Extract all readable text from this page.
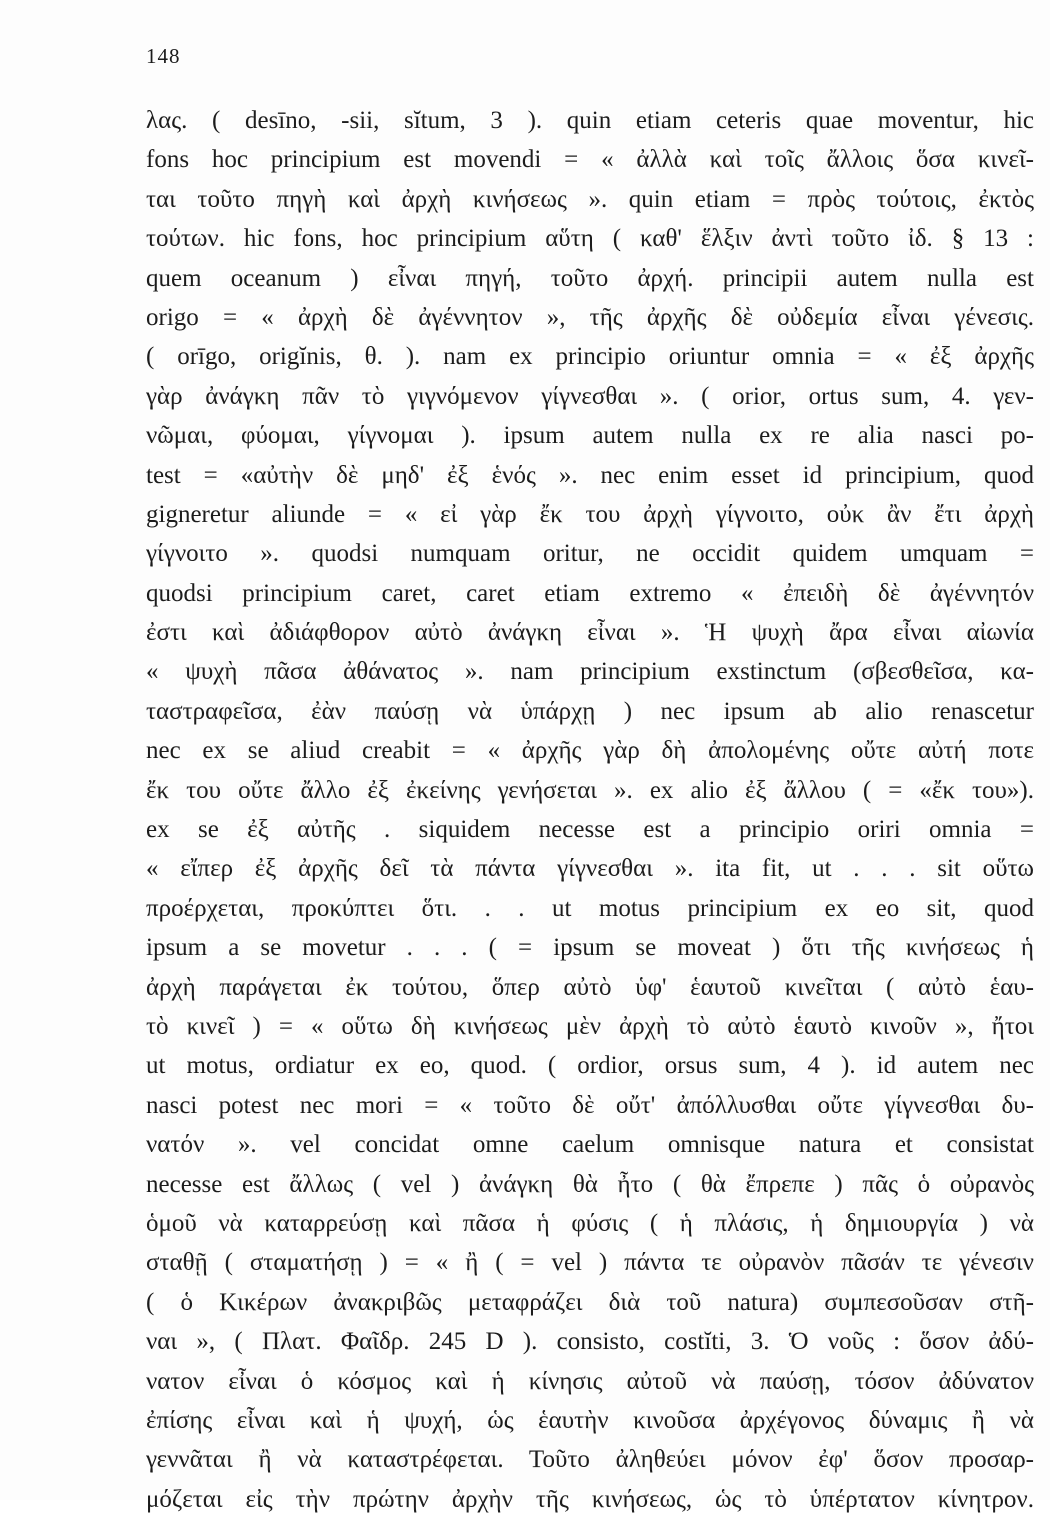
148
λας. ( desīno, -sii, sĭtum, 3 ). quin etiam ceteris quae moventur, hic
fons hoc principium est movendi = « ἀλλὰ καὶ τοῖς ἄλλοις ὅσα κινεῖ-
ται τοῦτο πηγὴ καὶ ἀρχὴ κινήσεως ». quin etiam = πρὸς τούτοις, ἐκτὸς
τούτων. hic fons, hoc principium αὕτη ( καθ' ἕλξιν ἀντὶ τοῦτο ἰδ. § 13 :
quem oceanum ) εἶναι πηγή, τοῦτο ἀρχή. principii autem nulla est
origo = « ἀρχὴ δὲ ἀγέννητον », τῆς ἀρχῆς δὲ οὐδεμία εἶναι γένεσις.
( orīgo, origĭnis, θ. ). nam ex principio oriuntur omnia = « ἐξ ἀρχῆς
γὰρ ἀνάγκη πᾶν τὸ γιγνόμενον γίγνεσθαι ». ( orior, ortus sum, 4. γεν-
νῶμαι, φύομαι, γίγνομαι ). ipsum autem nulla ex re alia nasci po-
test = «αὐτὴν δὲ μηδ' ἐξ ἑνός ». nec enim esset id principium, quod
gigneretur aliunde = « εἰ γὰρ ἔκ του ἀρχὴ γίγνοιτο, οὐκ ἂν ἔτι ἀρχὴ
γίγνοιτο ». quodsi numquam oritur, ne occidit quidem umquam =
quodsi principium caret, caret etiam extremo « ἐπειδὴ δὲ ἀγέννητόν
ἐστι καὶ ἀδιάφθορον αὐτὸ ἀνάγκη εἶναι ». Ἡ ψυχὴ ἄρα εἶναι αἰωνία
« ψυχὴ πᾶσα ἀθάνατος ». nam principium exstinctum (σβεσθεῖσα, κα-
ταστραφεῖσα, ἐὰν παύσῃ νὰ ὑπάρχῃ ) nec ipsum ab alio renascetur
nec ex se aliud creabit = « ἀρχῆς γὰρ δὴ ἀπολομένης οὔτε αὐτή ποτε
ἔκ του οὔτε ἄλλο ἐξ ἐκείνης γενήσεται ». ex alio ἐξ ἄλλου ( = «ἔκ του»).
ex se ἐξ αὐτῆς . siquidem necesse est a principio oriri omnia =
« εἴπερ ἐξ ἀρχῆς δεῖ τὰ πάντα γίγνεσθαι ». ita fit, ut . . . sit οὕτω
προέρχεται, προκύπτει ὅτι. . . ut motus principium ex eo sit, quod
ipsum a se movetur . . . ( = ipsum se moveat ) ὅτι τῆς κινήσεως ἡ
ἀρχὴ παράγεται ἐκ τούτου, ὅπερ αὐτὸ ὑφ' ἑαυτοῦ κινεῖται ( αὐτὸ ἑαυ-
τὸ κινεῖ ) = « οὕτω δὴ κινήσεως μὲν ἀρχὴ τὸ αὐτὸ ἑαυτὸ κινοῦν », ἤτοι
ut motus, ordiatur ex eo, quod. ( ordior, orsus sum, 4 ). id autem nec
nasci potest nec mori = « τοῦτο δὲ οὔτ' ἀπόλλυσθαι οὔτε γίγνεσθαι δυ-
νατόν ». vel concidat omne caelum omnisque natura et consistat
necesse est ἄλλως ( vel ) ἀνάγκη θὰ ἦτο ( θὰ ἔπρεπε ) πᾶς ὁ οὐρανὸς
ὁμοῦ νὰ καταρρεύσῃ καὶ πᾶσα ἡ φύσις ( ἡ πλάσις, ἡ δημιουργία ) νὰ
σταθῇ ( σταματήσῃ ) = « ἢ ( = vel ) πάντα τε οὐρανὸν πᾶσάν τε γένεσιν
( ὁ Κικέρων ἀνακριβῶς μεταφράζει διὰ τοῦ natura) συμπεσοῦσαν στῆ-
ναι », ( Πλατ. Φαῖδρ. 245 D ). consisto, costĭti, 3. Ὁ νοῦς : ὅσον ἀδύ-
νατον εἶναι ὁ κόσμος καὶ ἡ κίνησις αὐτοῦ νὰ παύσῃ, τόσον ἀδύνατον
ἐπίσης εἶναι καὶ ἡ ψυχή, ὡς ἑαυτὴν κινοῦσα ἀρχέγονος δύναμις ἢ νὰ
γεννᾶται ἢ νὰ καταστρέφεται. Τοῦτο ἀληθεύει μόνον ἐφ' ὅσον προσαρ-
μόζεται εἰς τὴν πρώτην ἀρχὴν τῆς κινήσεως, ὡς τὸ ὑπέρτατον κίνητρον.
